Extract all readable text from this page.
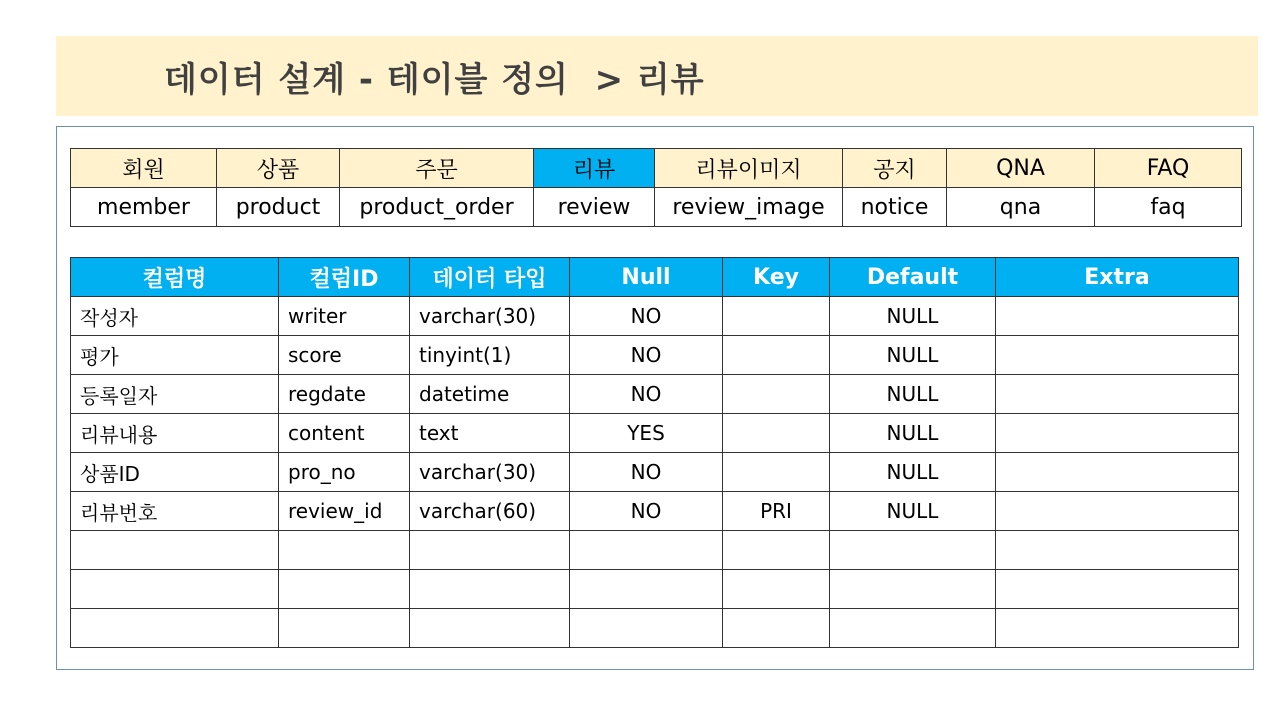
데이터 설계 - 테이블 정의  > 리뷰
회원	상품	주문	리뷰	리뷰이미지	공지	QNA	FAQ
member	product	product_order	review	review_image	notice	qna	faq
컬럼명	컬럼ID	데이터 타입	Null	Key	Default	Extra
작성자	writer	varchar(30)	NO		NULL	
평가	score	tinyint(1)	NO		NULL	
등록일자	regdate	datetime	NO		NULL	
리뷰내용	content	text	YES		NULL	
상품ID	pro_no	varchar(30)	NO		NULL	
리뷰번호	review_id	varchar(60)	NO	PRI	NULL	
